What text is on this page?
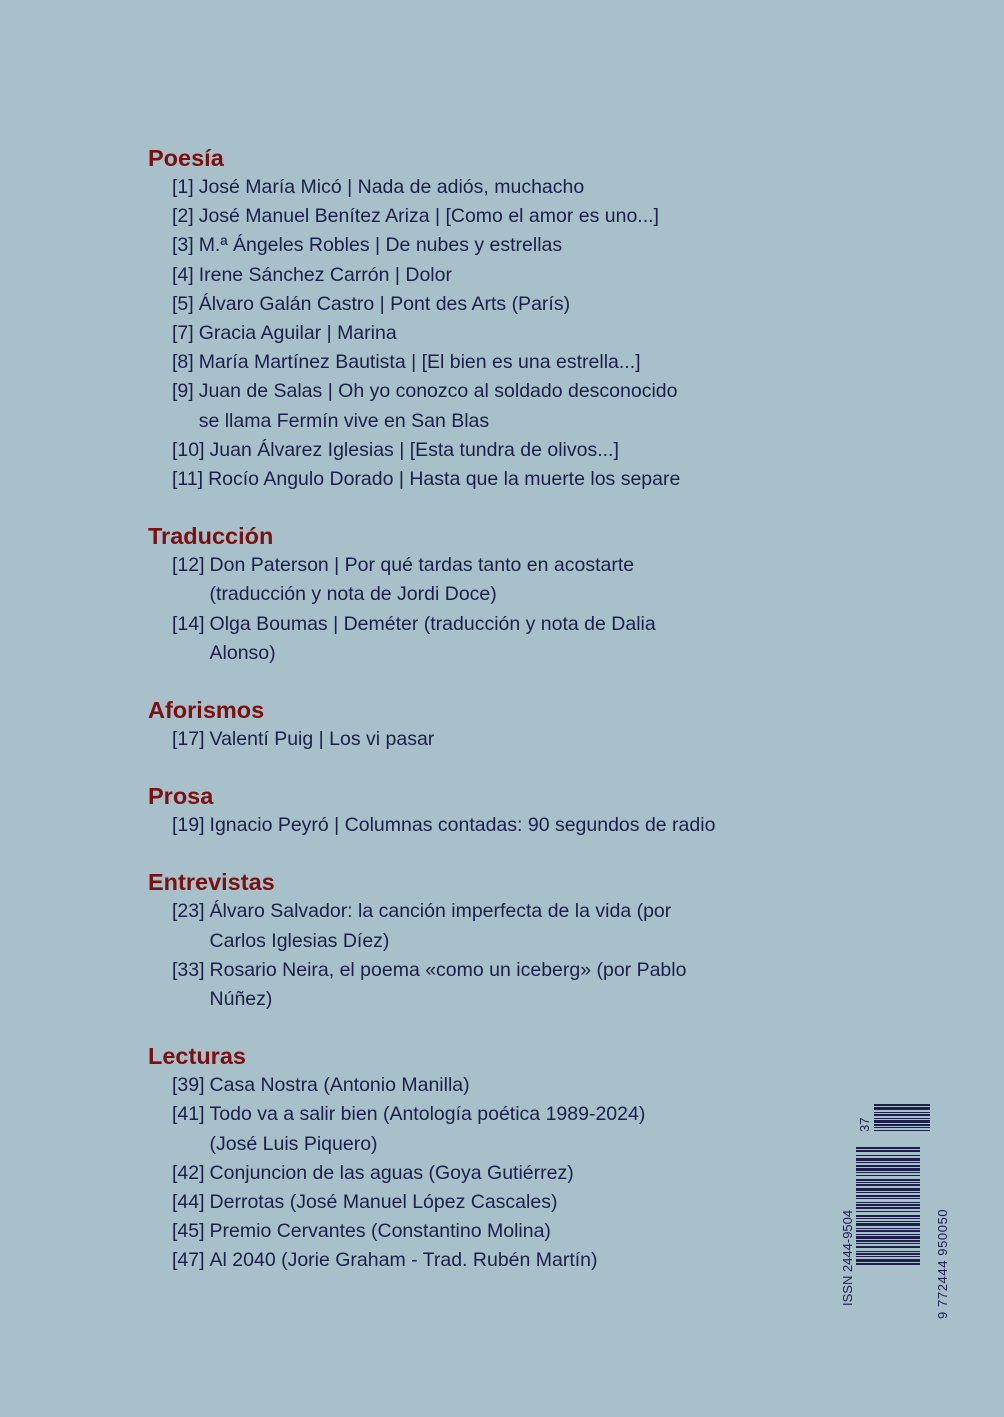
Poesía
[1] José María Micó | Nada de adiós, muchacho
[2] José Manuel Benítez Ariza | [Como el amor es uno...]
[3] M.ª Ángeles Robles | De nubes y estrellas
[4] Irene Sánchez Carrón | Dolor
[5] Álvaro Galán Castro | Pont des Arts (París)
[7] Gracia Aguilar | Marina
[8] María Martínez Bautista | [El bien es una estrella...]
[9] Juan de Salas | Oh yo conozco al soldado desconocido
se llama Fermín vive en San Blas
[10] Juan Álvarez Iglesias | [Esta tundra de olivos...]
[11] Rocío Angulo Dorado | Hasta que la muerte los separe
Traducción
[12] Don Paterson | Por qué tardas tanto en acostarte
(traducción y nota de Jordi Doce)
[14] Olga Boumas | Deméter (traducción y nota de Dalia
Alonso)
Aforismos
[17] Valentí Puig | Los vi pasar
Prosa
[19] Ignacio Peyró | Columnas contadas: 90 segundos de radio
Entrevistas
[23] Álvaro Salvador: la canción imperfecta de la vida (por
Carlos Iglesias Díez)
[33] Rosario Neira, el poema «como un iceberg» (por Pablo
Núñez)
Lecturas
[39] Casa Nostra (Antonio Manilla)
[41] Todo va a salir bien (Antología poética 1989-2024)
(José Luis Piquero)
[42] Conjuncion de las aguas (Goya Gutiérrez)
[44] Derrotas (José Manuel López Cascales)
[45] Premio Cervantes (Constantino Molina)
[47] Al 2040 (Jorie Graham - Trad. Rubén Martín)	ISSN 2444-9504
37
9 772444 950050
